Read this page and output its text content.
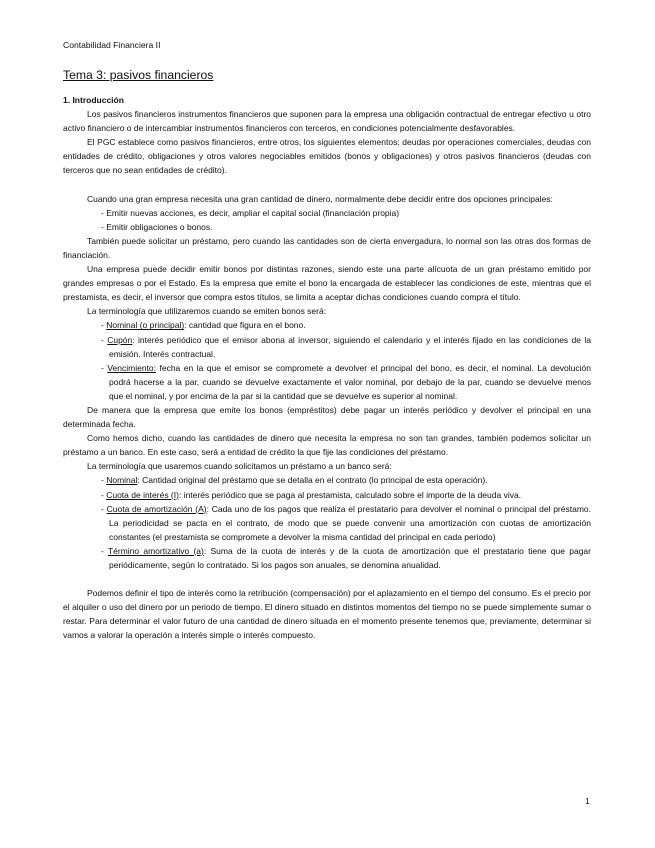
Contabilidad Financiera II
Tema 3: pasivos financieros

1. Introducción

Los pasivos financieros instrumentos financieros que suponen para la empresa una obligación contractual de entregar efectivo u otro activo financiero o de intercambiar instrumentos financieros con terceros, en condiciones potencialmente desfavorables.

El PGC establece como pasivos financieros, entre otros, los siguientes elementos: deudas por operaciones comerciales, deudas con entidades de crédito, obligaciones y otros valores negociables emitidos (bonos y obligaciones) y otros pasivos financieros (deudas con terceros que no sean entidades de crédito).

Cuando una gran empresa necesita una gran cantidad de dinero, normalmente debe decidir entre dos opciones principales:

- Emitir nuevas acciones, es decir, ampliar el capital social (financiación propia)

- Emitir obligaciones o bonos.

También puede solicitar un préstamo, pero cuando las cantidades son de cierta envergadura, lo normal son las otras dos formas de financiación.

Una empresa puede decidir emitir bonos por distintas razones, siendo este una parte alícuota de un gran préstamo emitido por grandes empresas o por el Estado. Es la empresa que emite el bono la encargada de establecer las condiciones de este, mientras que el prestamista, es decir, el inversor que compra estos títulos, se limita a aceptar dichas condiciones cuando compra el título.

La terminología que utilizaremos cuando se emiten bonos será:

- Nominal (o principal): cantidad que figura en el bono.

- Cupón: interés periódico que el emisor abona al inversor, siguiendo el calendario y el interés fijado en las condiciones de la emisión. Interés contractual.

- Vencimiento: fecha en la que el emisor se compromete a devolver el principal del bono, es decir, el nominal. La devolución podrá hacerse a la par, cuando se devuelve exactamente el valor nominal, por debajo de la par, cuando se devuelve menos que el nominal, y por encima de la par si la cantidad que se devuelve es superior al nominal.

De manera que la empresa que emite los bonos (empréstitos) debe pagar un interés periódico y devolver el principal en una determinada fecha.

Como hemos dicho, cuando las cantidades de dinero que necesita la empresa no son tan grandes, también podemos solicitar un préstamo a un banco. En este caso, será a entidad de crédito la que fije las condiciones del préstamo.

La terminología que usaremos cuando solicitamos un préstamo a un banco será:

- Nominal: Cantidad original del préstamo que se detalla en el contrato (lo principal de esta operación).

- Cuota de interés (I): interés periódico que se paga al prestamista, calculado sobre el importe de la deuda viva.

- Cuota de amortización (A): Cada uno de los pagos que realiza el prestatario para devolver el nominal o principal del préstamo. La periodicidad se pacta en el contrato, de modo que se puede convenir una amortización con cuotas de amortización constantes (el prestamista se compromete a devolver la misma cantidad del principal en cada periodo)

- Término amortizativo (a): Suma de la cuota de interés y de la cuota de amortización que el prestatario tiene que pagar periódicamente, según lo contratado. Si los pagos son anuales, se denomina anualidad.

Podemos definir el tipo de interés como la retribución (compensación) por el aplazamiento en el tiempo del consumo. Es el precio por el alquiler o uso del dinero por un periodo de tiempo. El dinero situado en distintos momentos del tiempo no se puede simplemente sumar o restar. Para determinar el valor futuro de una cantidad de dinero situada en el momento presente tenemos que, previamente, determinar si vamos a valorar la operación a interés simple o interés compuesto.

1
